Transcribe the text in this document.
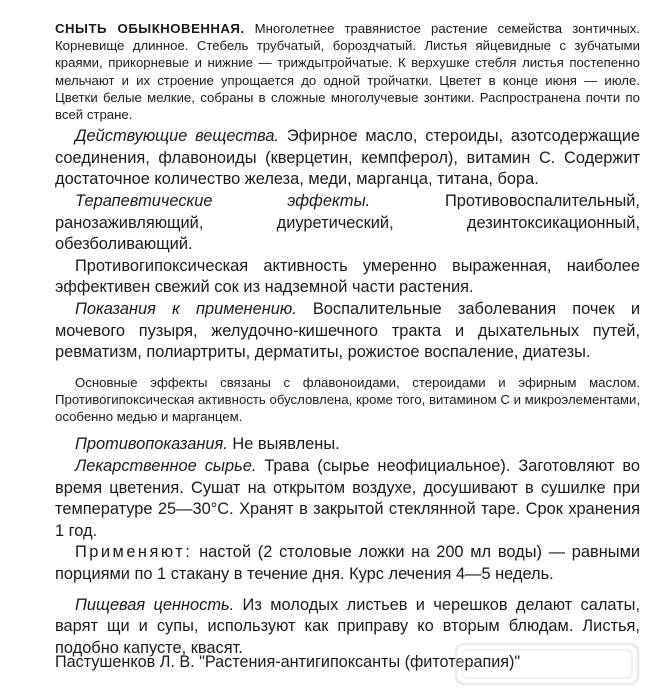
СНЫТЬ ОБЫКНОВЕННАЯ. Многолетнее травянистое растение семейства зонтичных. Корневище длинное. Стебель трубчатый, бороздчатый. Листья яйцевидные с зубчатыми краями, прикорневые и нижние — триждытройчатые. К верхушке стебля листья постепенно мельчают и их строение упрощается до одной тройчатки. Цветет в конце июня — июле. Цветки белые мелкие, собраны в сложные многолучевые зонтики. Распространена почти по всей стране.

Действующие вещества. Эфирное масло, стероиды, азотсодержащие соединения, флавоноиды (кверцетин, кемпферол), витамин С. Содержит достаточное количество железа, меди, марганца, титана, бора.

Терапевтические эффекты.	Противовоспалительный, ранозаживляющий, диуретический, дезинтоксикационный, обезболивающий.

Противогипоксическая активность умеренно выраженная, наиболее эффективен свежий сок из надземной части растения.

Показания к применению. Воспалительные заболевания почек и мочевого пузыря, желудочно-кишечного тракта и дыхательных путей, ревматизм, полиартриты, дерматиты, рожистое воспаление, диатезы.

Основные эффекты связаны с флавоноидами, стероидами и эфирным маслом. Противогипоксическая активность обусловлена, кроме того, витамином С и микроэлементами, особенно медью и марганцем.

Противопоказания. Не выявлены.

Лекарственное сырье. Трава (сырье неофициальное). Заготовляют во время цветения. Сушат на открытом воздухе, досушивают в сушилке при температуре 25—30°С. Хранят в закрытой стеклянной таре. Срок хранения 1 год.

Применяют: настой (2 столовые ложки на 200 мл воды) — равными порциями по 1 стакану в течение дня. Курс лечения 4—5 недель.

Пищевая ценность. Из молодых листьев и черешков делают салаты, варят щи и супы, используют как приправу ко вторым блюдам. Листья, подобно капусте, квасят.

Пастушенков Л. В. "Растения-антигипоксанты (фитотерапия)"
